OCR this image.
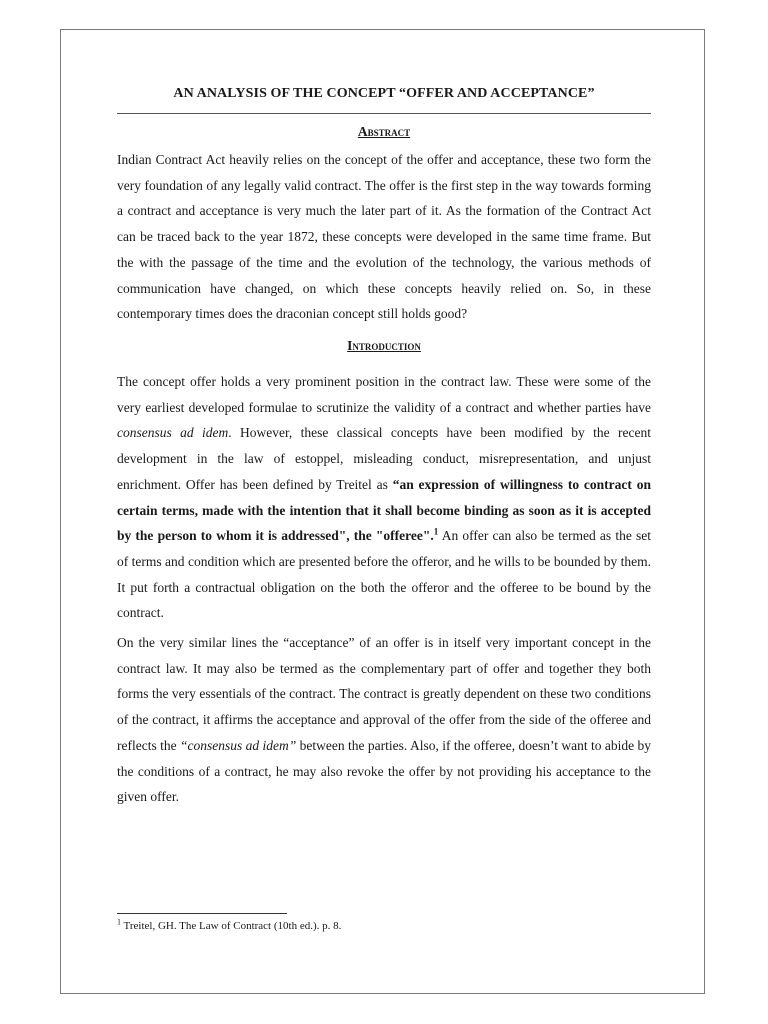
AN ANALYSIS OF THE CONCEPT “OFFER AND ACCEPTANCE”
Abstract

Indian Contract Act heavily relies on the concept of the offer and acceptance, these two form the very foundation of any legally valid contract. The offer is the first step in the way towards forming a contract and acceptance is very much the later part of it. As the formation of the Contract Act can be traced back to the year 1872, these concepts were developed in the same time frame. But the with the passage of the time and the evolution of the technology, the various methods of communication have changed, on which these concepts heavily relied on. So, in these contemporary times does the draconian concept still holds good?

Introduction

The concept offer holds a very prominent position in the contract law. These were some of the very earliest developed formulae to scrutinize the validity of a contract and whether parties have consensus ad idem. However, these classical concepts have been modified by the recent development in the law of estoppel, misleading conduct, misrepresentation, and unjust enrichment. Offer has been defined by Treitel as “an expression of willingness to contract on certain terms, made with the intention that it shall become binding as soon as it is accepted by the person to whom it is addressed", the "offeree".$^1$ An offer can also be termed as the set of terms and condition which are presented before the offeror, and he wills to be bounded by them. It put forth a contractual obligation on the both the offeror and the offeree to be bound by the contract.

On the very similar lines the “acceptance” of an offer is in itself very important concept in the contract law. It may also be termed as the complementary part of offer and together they both forms the very essentials of the contract. The contract is greatly dependent on these two conditions of the contract, it affirms the acceptance and approval of the offer from the side of the offeree and reflects the “consensus ad idem” between the parties. Also, if the offeree, doesn’t want to abide by the conditions of a contract, he may also revoke the offer by not providing his acceptance to the given offer.

$^1$ Treitel, GH. The Law of Contract (10th ed.). p. 8.
